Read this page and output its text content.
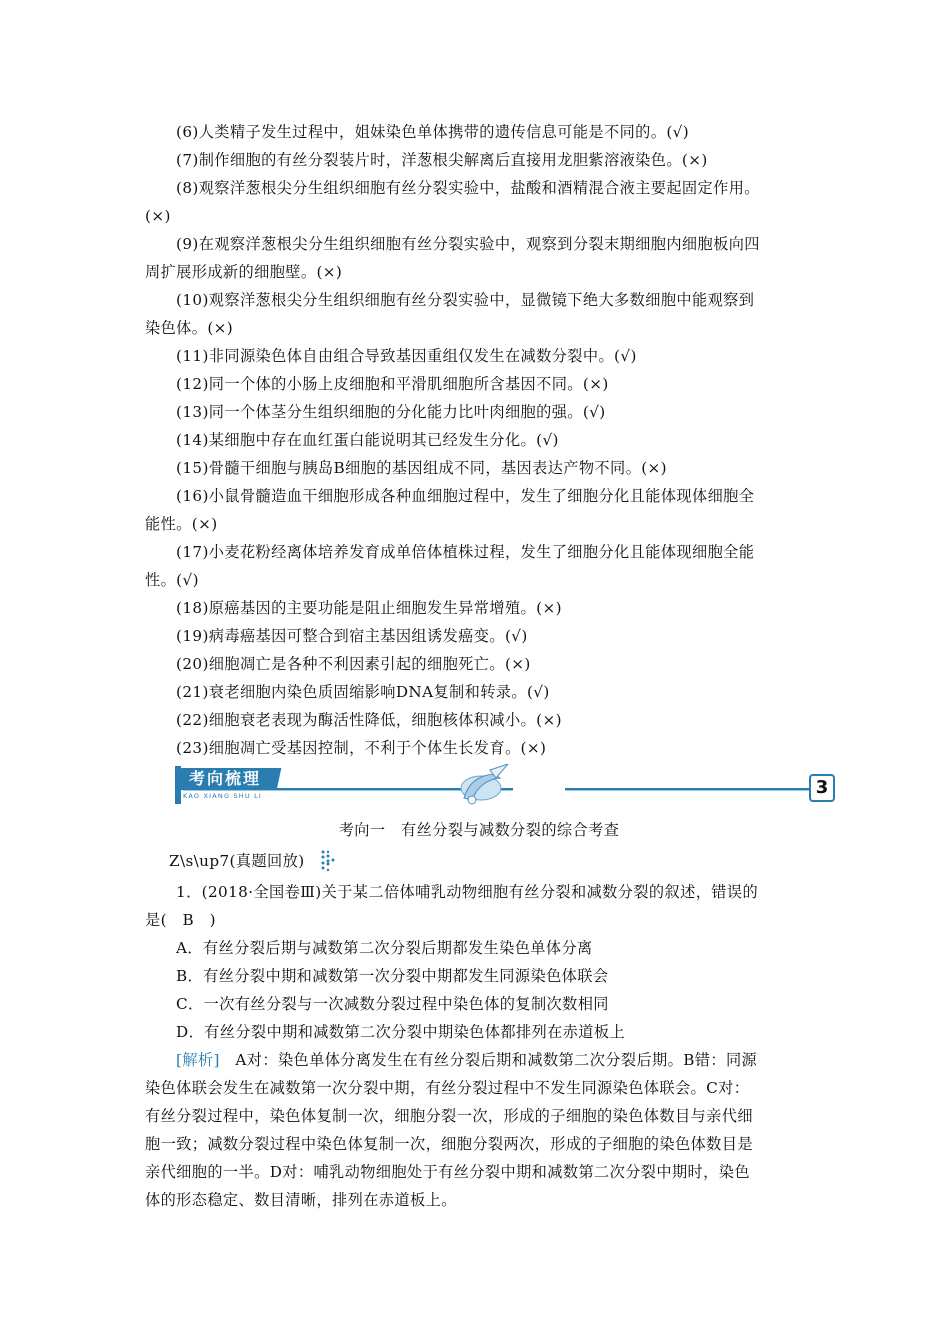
(6)人类精子发生过程中，姐妹染色单体携带的遗传信息可能是不同的。(√)
(7)制作细胞的有丝分裂装片时，洋葱根尖解离后直接用龙胆紫溶液染色。(×)
(8)观察洋葱根尖分生组织细胞有丝分裂实验中，盐酸和酒精混合液主要起固定作用。
(×)
(9)在观察洋葱根尖分生组织细胞有丝分裂实验中，观察到分裂末期细胞内细胞板向四
周扩展形成新的细胞壁。(×)
(10)观察洋葱根尖分生组织细胞有丝分裂实验中，显微镜下绝大多数细胞中能观察到
染色体。(×)
(11)非同源染色体自由组合导致基因重组仅发生在减数分裂中。(√)
(12)同一个体的小肠上皮细胞和平滑肌细胞所含基因不同。(×)
(13)同一个体茎分生组织细胞的分化能力比叶肉细胞的强。(√)
(14)某细胞中存在血红蛋白能说明其已经发生分化。(√)
(15)骨髓干细胞与胰岛B细胞的基因组成不同，基因表达产物不同。(×)
(16)小鼠骨髓造血干细胞形成各种血细胞过程中，发生了细胞分化且能体现体细胞全
能性。(×)
(17)小麦花粉经离体培养发育成单倍体植株过程，发生了细胞分化且能体现细胞全能
性。(√)
(18)原癌基因的主要功能是阻止细胞发生异常增殖。(×)
(19)病毒癌基因可整合到宿主基因组诱发癌变。(√)
(20)细胞凋亡是各种不利因素引起的细胞死亡。(×)
(21)衰老细胞内染色质固缩影响DNA复制和转录。(√)
(22)细胞衰老表现为酶活性降低，细胞核体积减小。(×)
(23)细胞凋亡受基因控制，不利于个体生长发育。(×)
考向梳理
KAO XIANG SHU LI	3
考向一　有丝分裂与减数分裂的综合考查
Z\s\up7(真题回放)
1．(2018·全国卷Ⅲ)关于某二倍体哺乳动物细胞有丝分裂和减数分裂的叙述，错误的
是(　B　)
A．有丝分裂后期与减数第二次分裂后期都发生染色单体分离
B．有丝分裂中期和减数第一次分裂中期都发生同源染色体联会
C．一次有丝分裂与一次减数分裂过程中染色体的复制次数相同
D．有丝分裂中期和减数第二次分裂中期染色体都排列在赤道板上
[解析]　A对：染色单体分离发生在有丝分裂后期和减数第二次分裂后期。B错：同源
染色体联会发生在减数第一次分裂中期，有丝分裂过程中不发生同源染色体联会。C对：
有丝分裂过程中，染色体复制一次，细胞分裂一次，形成的子细胞的染色体数目与亲代细
胞一致；减数分裂过程中染色体复制一次，细胞分裂两次，形成的子细胞的染色体数目是
亲代细胞的一半。D对：哺乳动物细胞处于有丝分裂中期和减数第二次分裂中期时，染色
体的形态稳定、数目清晰，排列在赤道板上。
